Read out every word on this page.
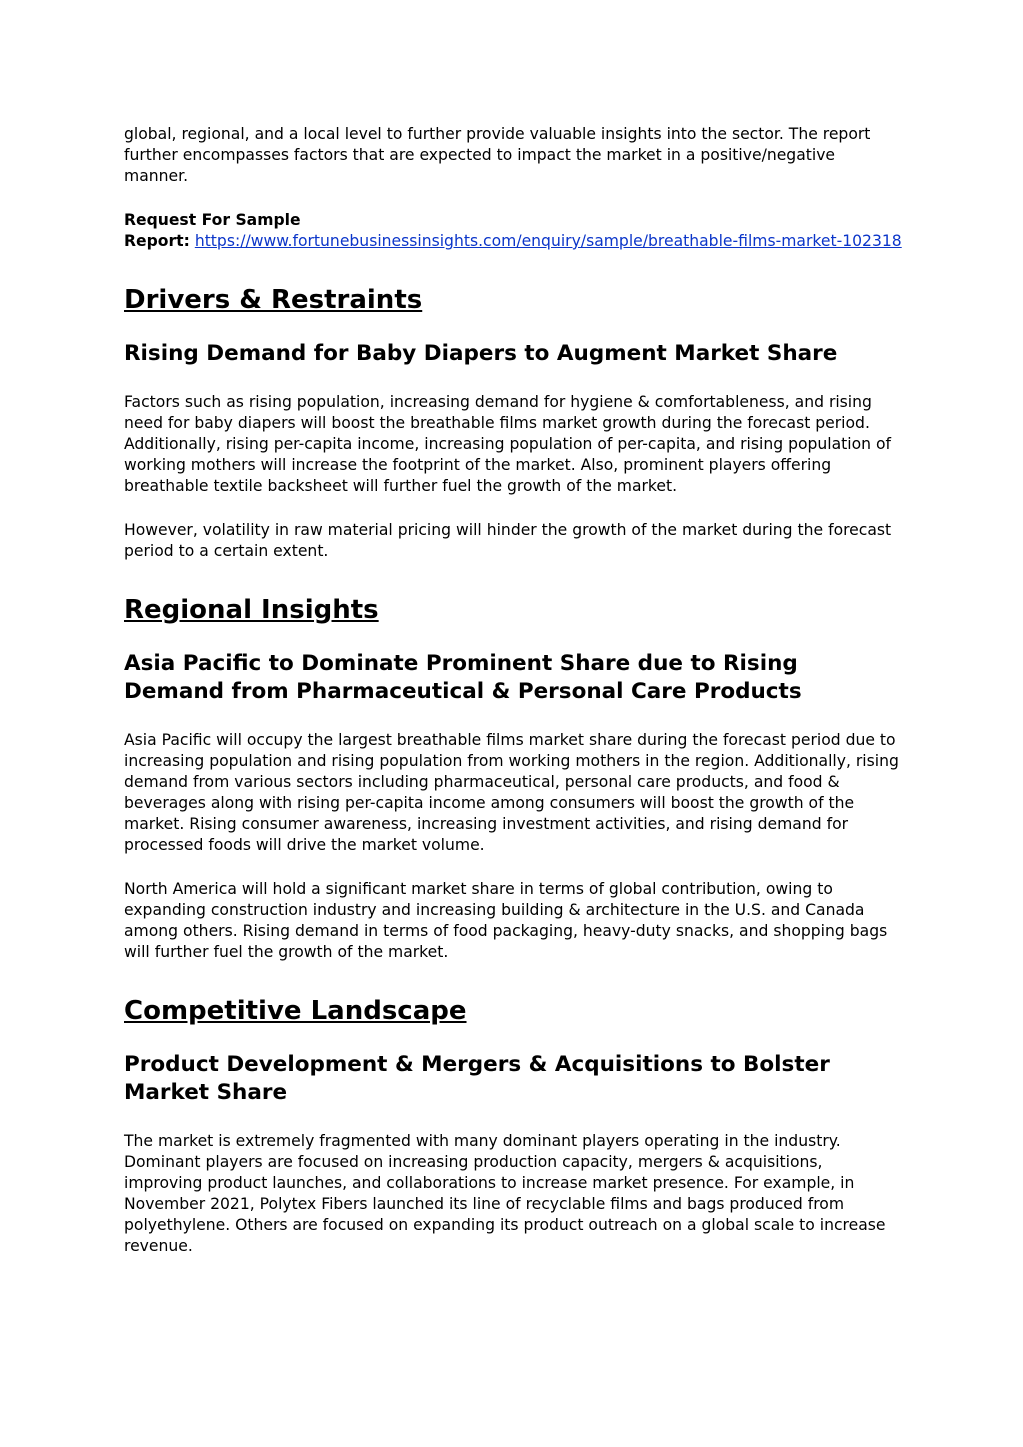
global, regional, and a local level to further provide valuable insights into the sector. The report further encompasses factors that are expected to impact the market in a positive/negative manner.

Request For Sample
Report: https://www.fortunebusinessinsights.com/enquiry/sample/breathable-films-market-102318

Drivers & Restraints
Rising Demand for Baby Diapers to Augment Market Share

Factors such as rising population, increasing demand for hygiene & comfortableness, and rising need for baby diapers will boost the breathable films market growth during the forecast period. Additionally, rising per-capita income, increasing population of per-capita, and rising population of working mothers will increase the footprint of the market. Also, prominent players offering breathable textile backsheet will further fuel the growth of the market.

However, volatility in raw material pricing will hinder the growth of the market during the forecast period to a certain extent.

Regional Insights
Asia Pacific to Dominate Prominent Share due to Rising Demand from Pharmaceutical & Personal Care Products

Asia Pacific will occupy the largest breathable films market share during the forecast period due to increasing population and rising population from working mothers in the region. Additionally, rising demand from various sectors including pharmaceutical, personal care products, and food & beverages along with rising per-capita income among consumers will boost the growth of the market. Rising consumer awareness, increasing investment activities, and rising demand for processed foods will drive the market volume.

North America will hold a significant market share in terms of global contribution, owing to expanding construction industry and increasing building & architecture in the U.S. and Canada among others. Rising demand in terms of food packaging, heavy-duty snacks, and shopping bags will further fuel the growth of the market.

Competitive Landscape
Product Development & Mergers & Acquisitions to Bolster Market Share

The market is extremely fragmented with many dominant players operating in the industry. Dominant players are focused on increasing production capacity, mergers & acquisitions, improving product launches, and collaborations to increase market presence. For example, in November 2021, Polytex Fibers launched its line of recyclable films and bags produced from polyethylene. Others are focused on expanding its product outreach on a global scale to increase revenue.
